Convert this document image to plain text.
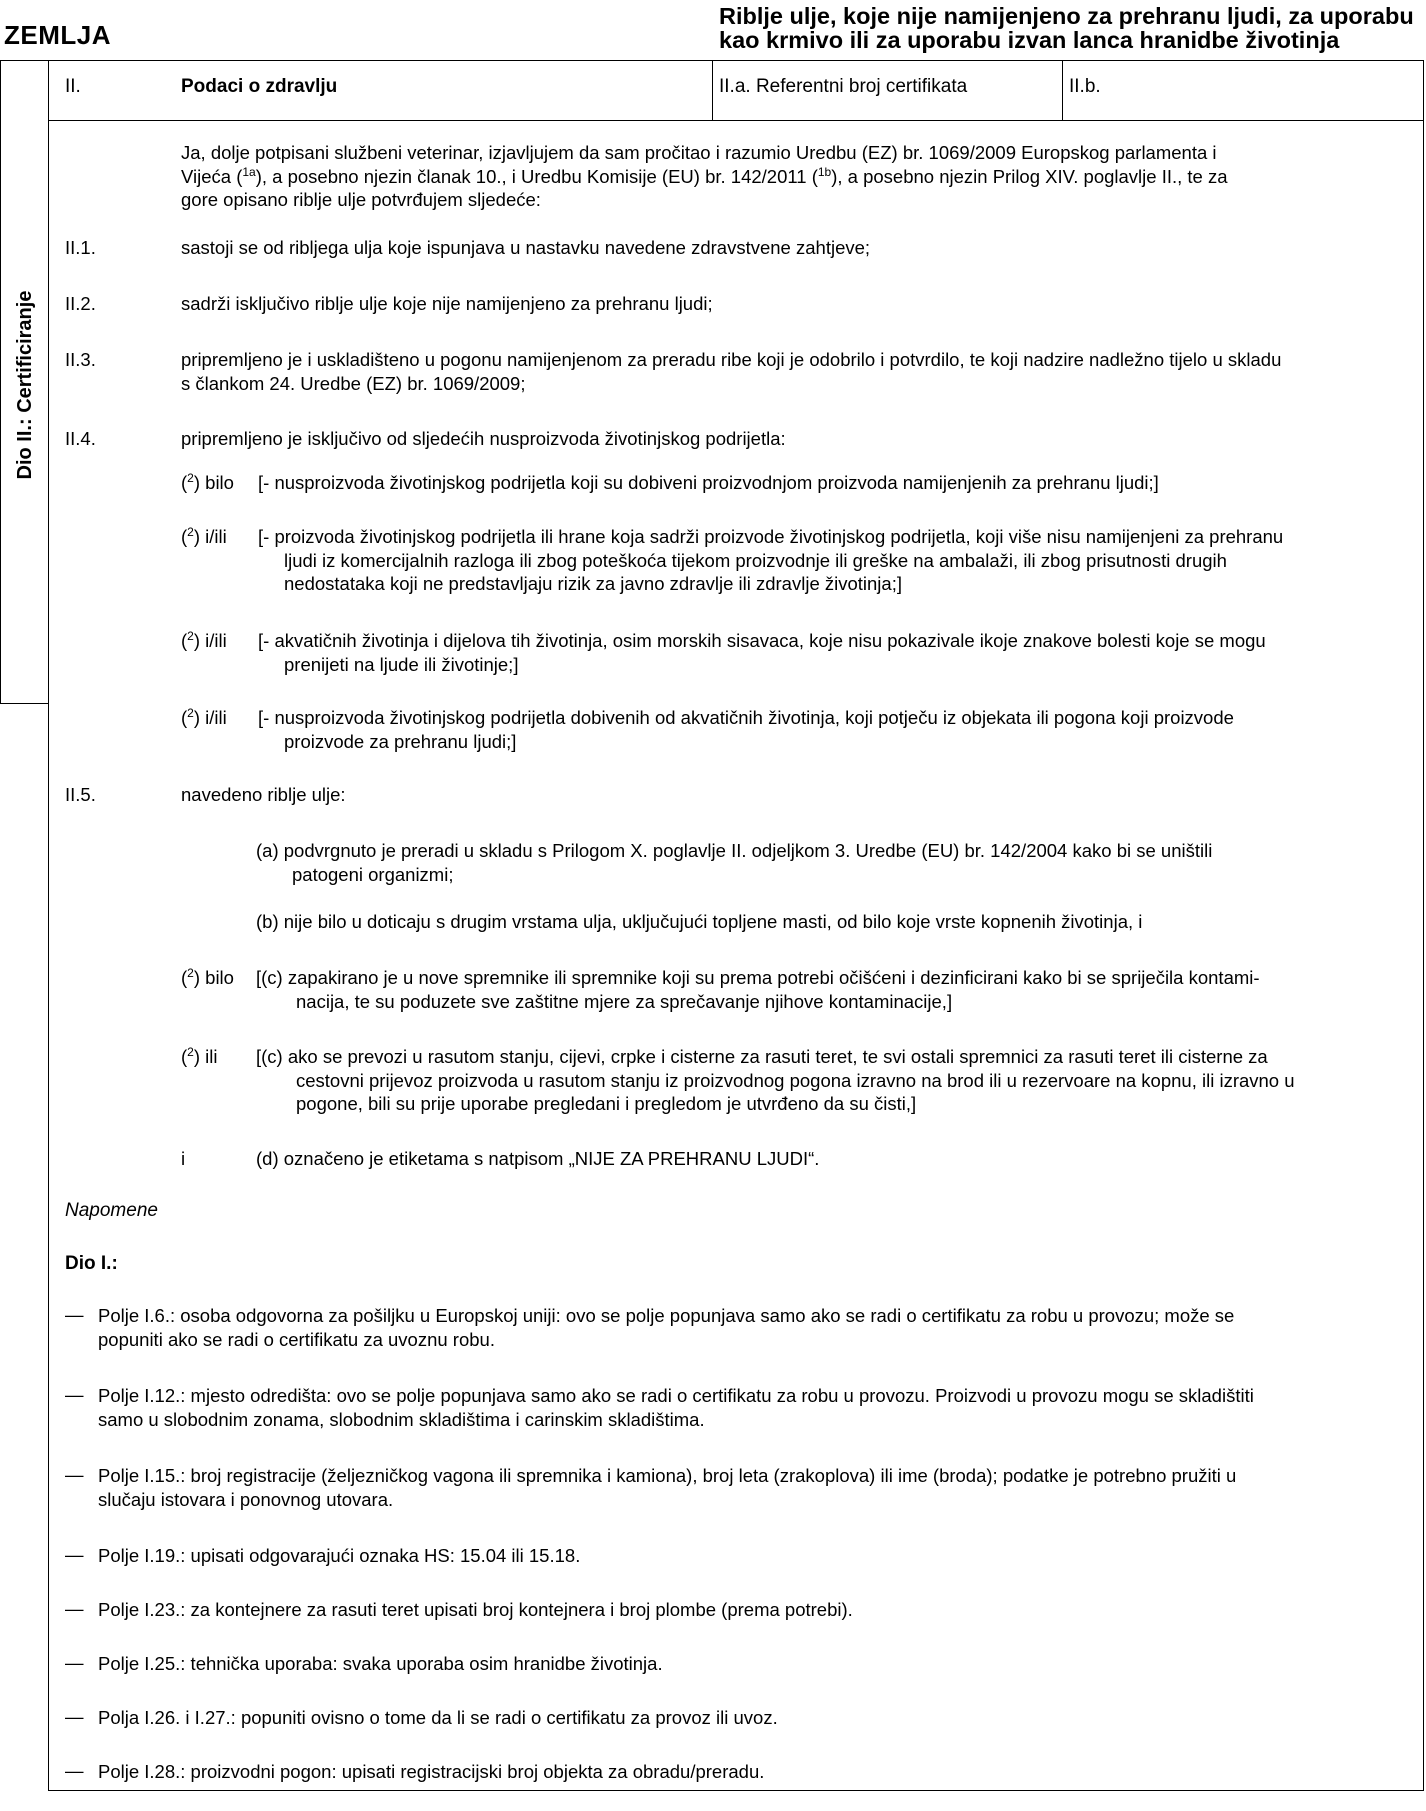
ZEMLJA
Riblje ulje, koje nije namijenjeno za prehranu ljudi, za uporabu
kao krmivo ili za uporabu izvan lanca hranidbe životinja
Dio II.: Certificiranje
II.	Podaci o zdravlju	II.a. Referentni broj certifikata	II.b.
Ja, dolje potpisani službeni veterinar, izjavljujem da sam pročitao i razumio Uredbu (EZ) br. 1069/2009 Europskog parlamenta i
Vijeća ($^{1a}$), a posebno njezin članak 10., i Uredbu Komisije (EU) br. 142/2011 ($^{1b}$), a posebno njezin Prilog XIV. poglavlje II., te za
gore opisano riblje ulje potvrđujem sljedeće:
II.1.	sastoji se od ribljega ulja koje ispunjava u nastavku navedene zdravstvene zahtjeve;
II.2.	sadrži isključivo riblje ulje koje nije namijenjeno za prehranu ljudi;
II.3.	pripremljeno je i uskladišteno u pogonu namijenjenom za preradu ribe koji je odobrilo i potvrdilo, te koji nadzire nadležno tijelo u skladu
s člankom 24. Uredbe (EZ) br. 1069/2009;
II.4.	pripremljeno je isključivo od sljedećih nusproizvoda životinjskog podrijetla:
($^2$) bilo [- nusproizvoda životinjskog podrijetla koji su dobiveni proizvodnjom proizvoda namijenjenih za prehranu ljudi;]
($^2$) i/ili [- proizvoda životinjskog podrijetla ili hrane koja sadrži proizvode životinjskog podrijetla, koji više nisu namijenjeni za prehranu
ljudi iz komercijalnih razloga ili zbog poteškoća tijekom proizvodnje ili greške na ambalaži, ili zbog prisutnosti drugih
nedostataka koji ne predstavljaju rizik za javno zdravlje ili zdravlje životinja;]
($^2$) i/ili [- akvatičnih životinja i dijelova tih životinja, osim morskih sisavaca, koje nisu pokazivale ikoje znakove bolesti koje se mogu
prenijeti na ljude ili životinje;]
($^2$) i/ili [- nusproizvoda životinjskog podrijetla dobivenih od akvatičnih životinja, koji potječu iz objekata ili pogona koji proizvode
proizvode za prehranu ljudi;]
II.5.	navedeno riblje ulje:
(a) podvrgnuto je preradi u skladu s Prilogom X. poglavlje II. odjeljkom 3. Uredbe (EU) br. 142/2004 kako bi se uništili
patogeni organizmi;
(b) nije bilo u doticaju s drugim vrstama ulja, uključujući topljene masti, od bilo koje vrste kopnenih životinja, i
($^2$) bilo [(c) zapakirano je u nove spremnike ili spremnike koji su prema potrebi očišćeni i dezinficirani kako bi se spriječila kontami-
nacija, te su poduzete sve zaštitne mjere za sprečavanje njihove kontaminacije,]
($^2$) ili [(c) ako se prevozi u rasutom stanju, cijevi, crpke i cisterne za rasuti teret, te svi ostali spremnici za rasuti teret ili cisterne za
cestovni prijevoz proizvoda u rasutom stanju iz proizvodnog pogona izravno na brod ili u rezervoare na kopnu, ili izravno u
pogone, bili su prije uporabe pregledani i pregledom je utvrđeno da su čisti,]
i	(d) označeno je etiketama s natpisom „NIJE ZA PREHRANU LJUDI“.
Napomene
Dio I.:
— Polje I.6.: osoba odgovorna za pošiljku u Europskoj uniji: ovo se polje popunjava samo ako se radi o certifikatu za robu u provozu; može se
popuniti ako se radi o certifikatu za uvoznu robu.
— Polje I.12.: mjesto odredišta: ovo se polje popunjava samo ako se radi o certifikatu za robu u provozu. Proizvodi u provozu mogu se skladištiti
samo u slobodnim zonama, slobodnim skladištima i carinskim skladištima.
— Polje I.15.: broj registracije (željezničkog vagona ili spremnika i kamiona), broj leta (zrakoplova) ili ime (broda); podatke je potrebno pružiti u
slučaju istovara i ponovnog utovara.
— Polje I.19.: upisati odgovarajući oznaka HS: 15.04 ili 15.18.
— Polje I.23.: za kontejnere za rasuti teret upisati broj kontejnera i broj plombe (prema potrebi).
— Polje I.25.: tehnička uporaba: svaka uporaba osim hranidbe životinja.
— Polja I.26. i I.27.: popuniti ovisno o tome da li se radi o certifikatu za provoz ili uvoz.
— Polje I.28.: proizvodni pogon: upisati registracijski broj objekta za obradu/preradu.
